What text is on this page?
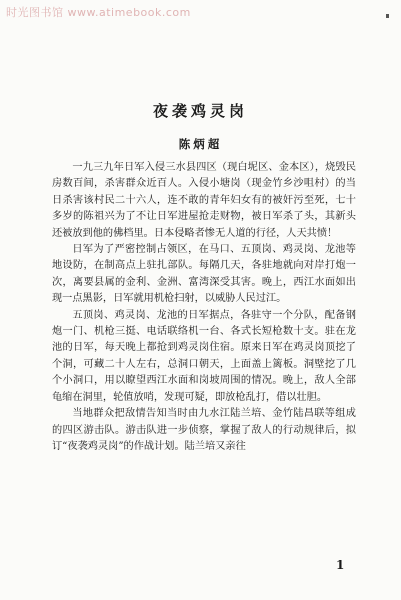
时光图书馆 www.atimebook.com
夜袭鸡灵岗
陈炳超

一九三九年日军入侵三水县四区（现白坭区、金本区），烧毁民房数百间，杀害群众近百人。入侵小塘岗（现金竹乡沙咀村）的当日杀害该村民二十六人，连不敢的青年妇女有的被奸污至死，七十多岁的陈祖兴为了不让日军进屋抢走财物，被日军杀了头，其新头还被放到他的佛档里。日本侵略者惨无人道的行径，人天共愤！

日军为了严密控制占领区，在马口、五顶岗、鸡灵岗、龙池等地设防，在制高点上驻扎部队。每隔几天，各驻地就向对岸打炮一次，离要县属的金利、金洲、富湾深受其害。晚上，西江水面如出现一点黑影，日军就用机枪扫射，以威胁人民过江。

五顶岗、鸡灵岗、龙池的日军据点，各驻守一个分队，配备钢炮一门、机枪三挺、电话联络机一台、各式长短枪数十支。驻在龙池的日军，每天晚上都抢到鸡灵岗住宿。原来日军在鸡灵岗顶挖了个洞，可藏二十人左右，总洞口朝天，上面盖上篱板。洞壁挖了几个小洞口，用以瞭望西江水面和岗坡周围的情况。晚上，敌人全部龟缩在洞里，轮值放哨，发现可疑，即放枪乱打，借以壮胆。

当地群众把敌情告知当时由九水江陆兰培、金竹陆昌联等组成的四区游击队。游击队进一步侦察，掌握了敌人的行动规律后，拟订“夜袭鸡灵岗”的作战计划。陆兰培又亲往

1
